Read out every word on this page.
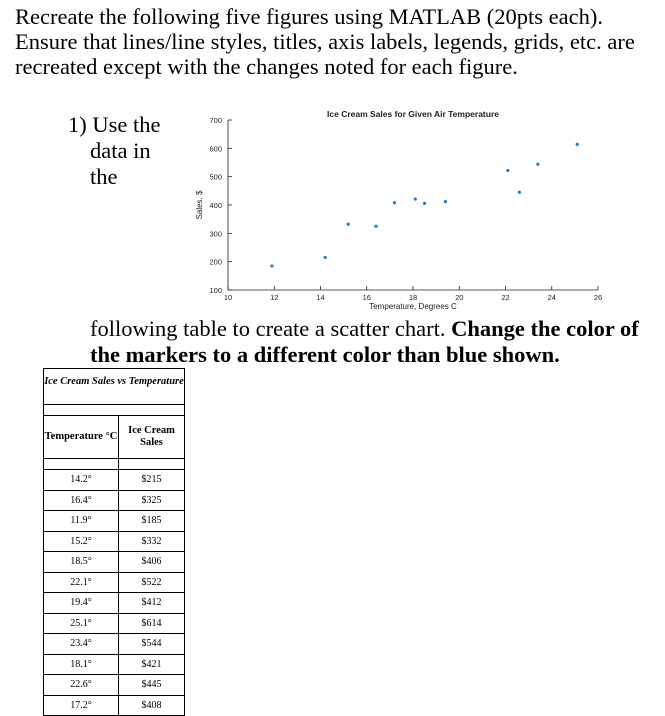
Recreate the following five figures using MATLAB (20pts each). Ensure that lines/line styles, titles, axis labels, legends, grids, etc. are recreated except with the changes noted for each figure.
1) Use the
data in the
100
200
300
400
500
600
700
10	12	14	16	18	20	22	24	26
Ice Cream Sales for Given Air Temperature
Temperature, Degrees C
Sales, $
following table to create a scatter chart. Change the color of the markers to a different color than blue shown.
Ice Cream Sales vs Temperature
Temperature °C
Ice Cream Sales
14.2°	$215
16.4°	$325
11.9°	$185
15.2°	$332
18.5°	$406
22.1°	$522
19.4°	$412
25.1°	$614
23.4°	$544
18.1°	$421
22.6°	$445
17.2°	$408
